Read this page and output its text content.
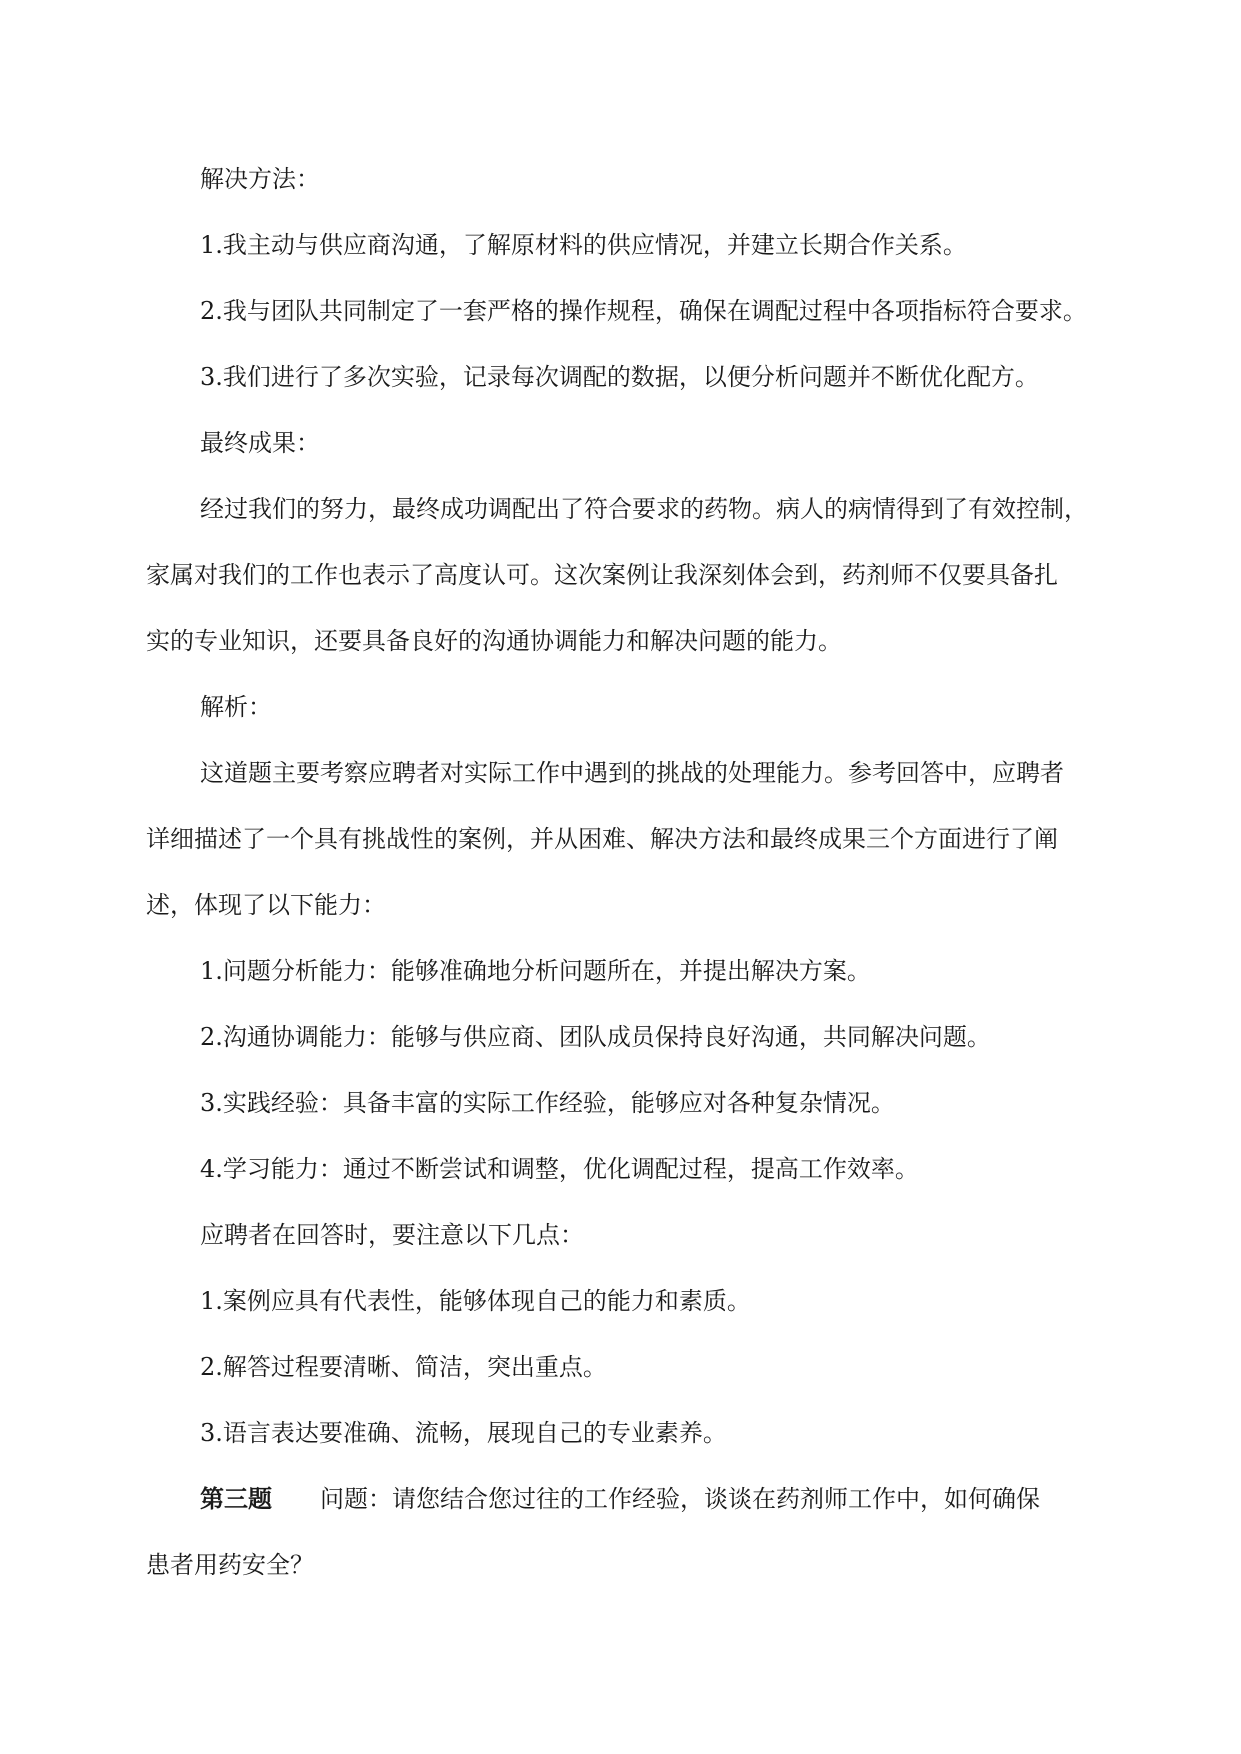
解决方法：

1.我主动与供应商沟通，了解原材料的供应情况，并建立长期合作关系。

2.我与团队共同制定了一套严格的操作规程，确保在调配过程中各项指标符合要求。

3.我们进行了多次实验，记录每次调配的数据，以便分析问题并不断优化配方。

最终成果：

经过我们的努力，最终成功调配出了符合要求的药物。病人的病情得到了有效控制，
家属对我们的工作也表示了高度认可。这次案例让我深刻体会到，药剂师不仅要具备扎
实的专业知识，还要具备良好的沟通协调能力和解决问题的能力。

解析：

这道题主要考察应聘者对实际工作中遇到的挑战的处理能力。参考回答中，应聘者
详细描述了一个具有挑战性的案例，并从困难、解决方法和最终成果三个方面进行了阐
述，体现了以下能力：

1.问题分析能力：能够准确地分析问题所在，并提出解决方案。

2.沟通协调能力：能够与供应商、团队成员保持良好沟通，共同解决问题。

3.实践经验：具备丰富的实际工作经验，能够应对各种复杂情况。

4.学习能力：通过不断尝试和调整，优化调配过程，提高工作效率。

应聘者在回答时，要注意以下几点：

1.案例应具有代表性，能够体现自己的能力和素质。

2.解答过程要清晰、简洁，突出重点。

3.语言表达要准确、流畅，展现自己的专业素养。

第三题 问题：请您结合您过往的工作经验，谈谈在药剂师工作中，如何确保
患者用药安全？
